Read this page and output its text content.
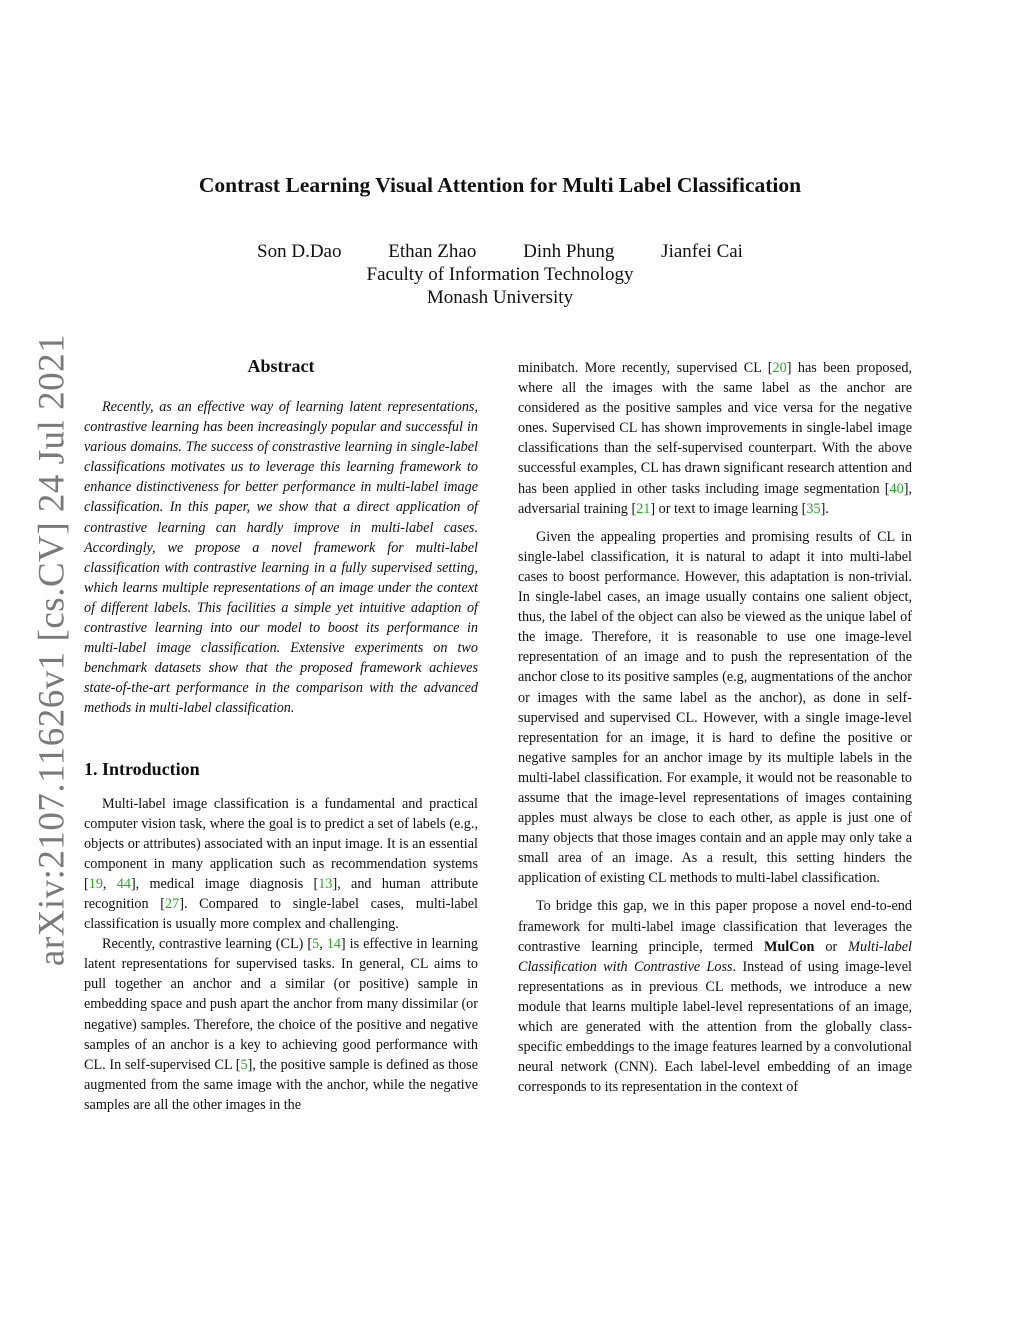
arXiv:2107.11626v1 [cs.CV] 24 Jul 2021
Contrast Learning Visual Attention for Multi Label Classification
Son D.Dao Ethan Zhao Dinh Phung Jianfei Cai
Faculty of Information Technology
Monash University
Abstract

Recently, as an effective way of learning latent representations, contrastive learning has been increasingly popular and successful in various domains. The success of constrastive learning in single-label classifications motivates us to leverage this learning framework to enhance distinctiveness for better performance in multi-label image classification. In this paper, we show that a direct application of contrastive learning can hardly improve in multi-label cases. Accordingly, we propose a novel framework for multi-label classification with contrastive learning in a fully supervised setting, which learns multiple representations of an image under the context of different labels. This facilities a simple yet intuitive adaption of contrastive learning into our model to boost its performance in multi-label image classification. Extensive experiments on two benchmark datasets show that the proposed framework achieves state-of-the-art performance in the comparison with the advanced methods in multi-label classification.

1. Introduction

Multi-label image classification is a fundamental and practical computer vision task, where the goal is to predict a set of labels (e.g., objects or attributes) associated with an input image. It is an essential component in many application such as recommendation systems [19, 44], medical image diagnosis [13], and human attribute recognition [27]. Compared to single-label cases, multi-label classification is usually more complex and challenging.

Recently, contrastive learning (CL) [5, 14] is effective in learning latent representations for supervised tasks. In general, CL aims to pull together an anchor and a similar (or positive) sample in embedding space and push apart the anchor from many dissimilar (or negative) samples. Therefore, the choice of the positive and negative samples of an anchor is a key to achieving good performance with CL. In self-supervised CL [5], the positive sample is defined as those augmented from the same image with the anchor, while the negative samples are all the other images in the

minibatch. More recently, supervised CL [20] has been proposed, where all the images with the same label as the anchor are considered as the positive samples and vice versa for the negative ones. Supervised CL has shown improvements in single-label image classifications than the self-supervised counterpart. With the above successful examples, CL has drawn significant research attention and has been applied in other tasks including image segmentation [40], adversarial training [21] or text to image learning [35].

Given the appealing properties and promising results of CL in single-label classification, it is natural to adapt it into multi-label cases to boost performance. However, this adaptation is non-trivial. In single-label cases, an image usually contains one salient object, thus, the label of the object can also be viewed as the unique label of the image. Therefore, it is reasonable to use one image-level representation of an image and to push the representation of the anchor close to its positive samples (e.g, augmentations of the anchor or images with the same label as the anchor), as done in self-supervised and supervised CL. However, with a single image-level representation for an image, it is hard to define the positive or negative samples for an anchor image by its multiple labels in the multi-label classification. For example, it would not be reasonable to assume that the image-level representations of images containing apples must always be close to each other, as apple is just one of many objects that those images contain and an apple may only take a small area of an image. As a result, this setting hinders the application of existing CL methods to multi-label classification.

To bridge this gap, we in this paper propose a novel end-to-end framework for multi-label image classification that leverages the contrastive learning principle, termed MulCon or Multi-label Classification with Contrastive Loss. Instead of using image-level representations as in previous CL methods, we introduce a new module that learns multiple label-level representations of an image, which are generated with the attention from the globally class-specific embeddings to the image features learned by a convolutional neural network (CNN). Each label-level embedding of an image corresponds to its representation in the context of
